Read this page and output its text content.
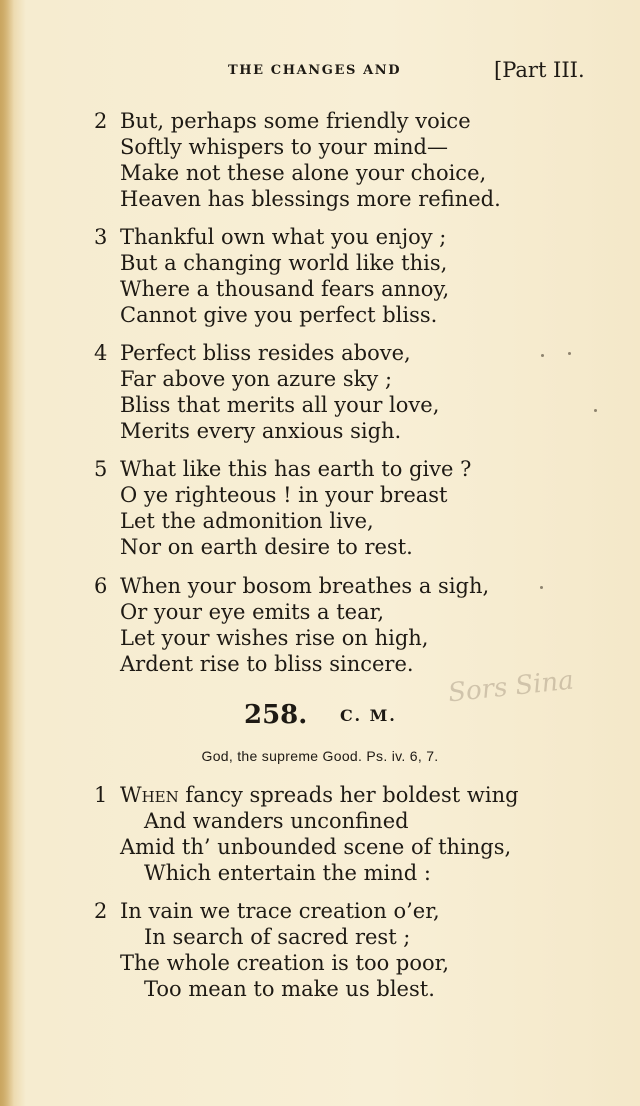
THE CHANGES AND	[Part III.
2 But, perhaps some friendly voice
Softly whispers to your mind—
Make not these alone your choice,
Heaven has blessings more refined.
3 Thankful own what you enjoy ;
But a changing world like this,
Where a thousand fears annoy,
Cannot give you perfect bliss.
4 Perfect bliss resides above,
Far above yon azure sky ;
Bliss that merits all your love,
Merits every anxious sigh.
5 What like this has earth to give ?
O ye righteous ! in your breast
Let the admonition live,
Nor on earth desire to rest.
6 When your bosom breathes a sigh,
Or your eye emits a tear,
Let your wishes rise on high,
Ardent rise to bliss sincere.
Sors Sina
258. C. M.
God, the supreme Good. Ps. iv. 6, 7.
1 When fancy spreads her boldest wing
And wanders unconfined
Amid th’ unbounded scene of things,
Which entertain the mind :
2 In vain we trace creation o’er,
In search of sacred rest ;
The whole creation is too poor,
Too mean to make us blest.
